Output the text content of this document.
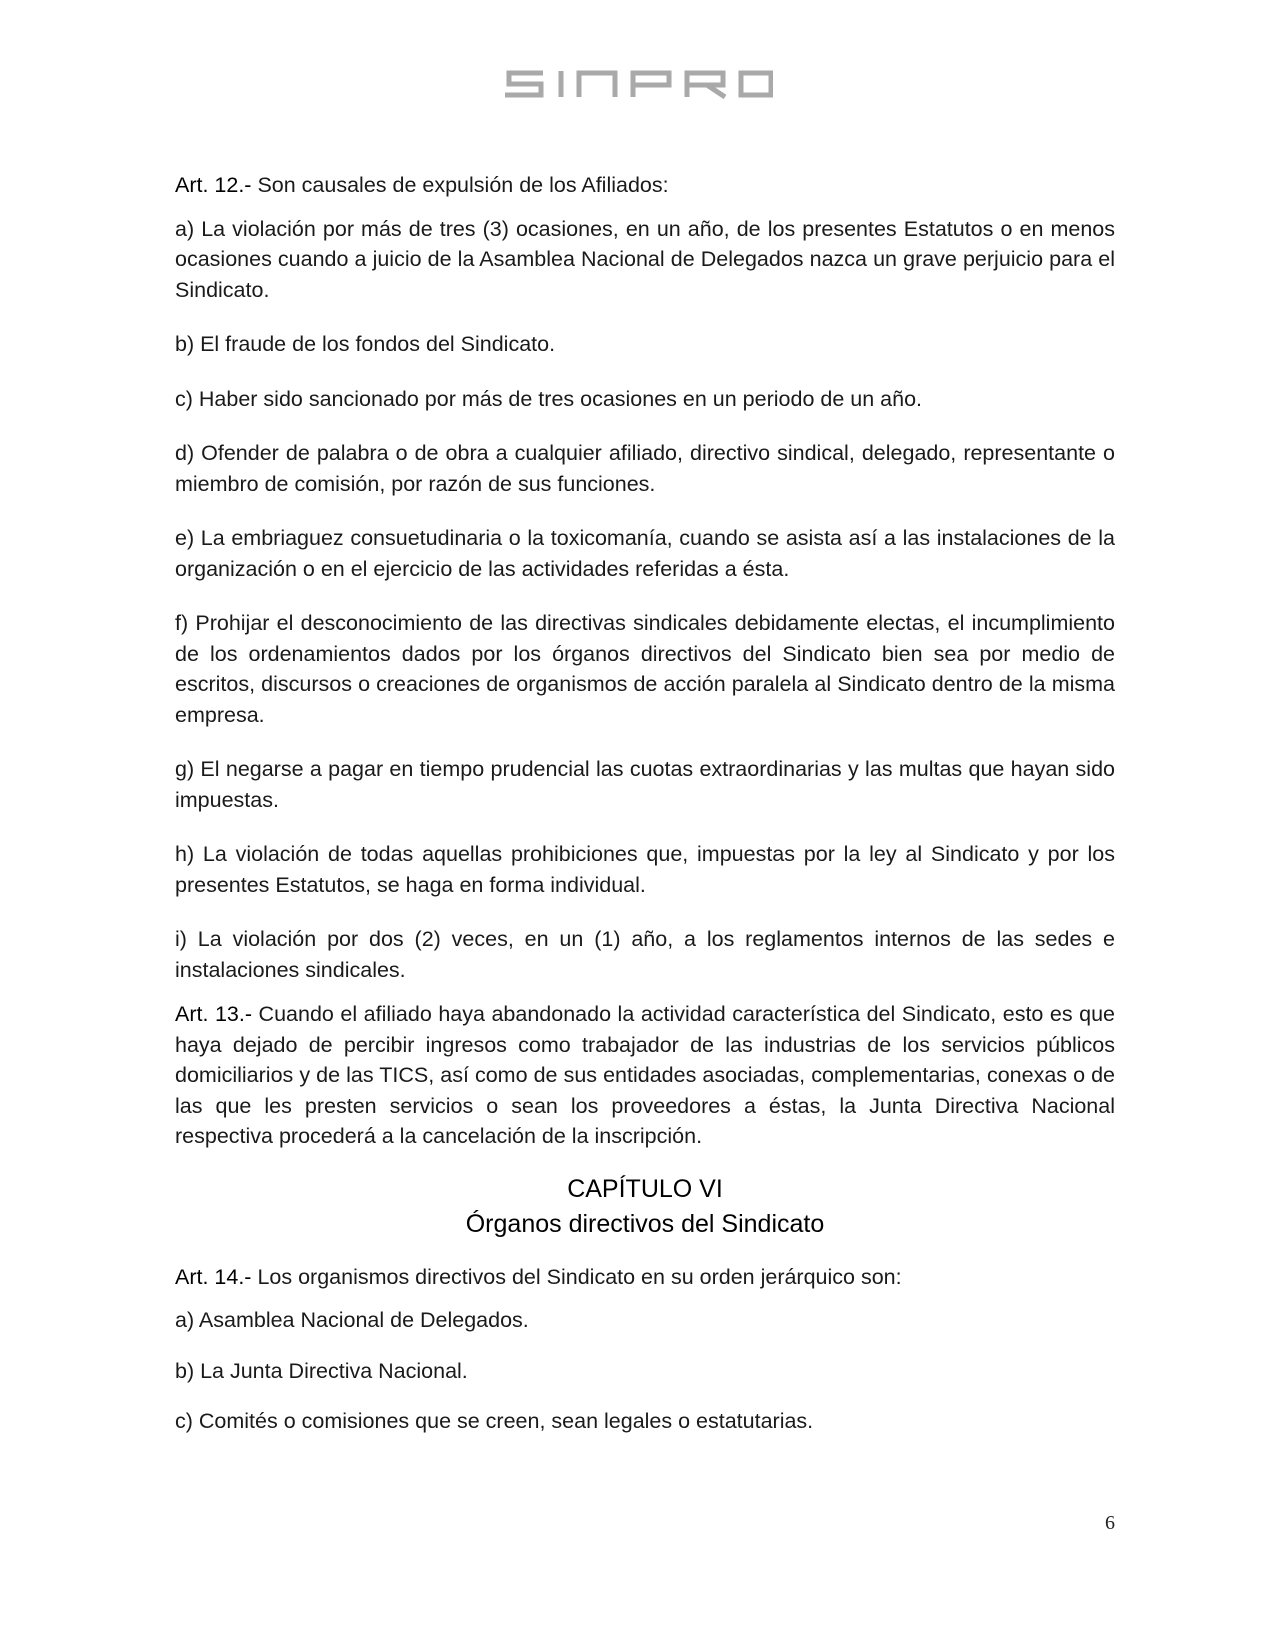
Art. 12.- Son causales de expulsión de los Afiliados:

a) La violación por más de tres (3) ocasiones, en un año, de los presentes Estatutos o en menos ocasiones cuando a juicio de la Asamblea Nacional de Delegados nazca un grave perjuicio para el Sindicato.

b) El fraude de los fondos del Sindicato.

c) Haber sido sancionado por más de tres ocasiones en un periodo de un año.

d) Ofender de palabra o de obra a cualquier afiliado, directivo sindical, delegado, representante o miembro de comisión, por razón de sus funciones.

e) La embriaguez consuetudinaria o la toxicomanía, cuando se asista así a las instalaciones de la organización o en el ejercicio de las actividades referidas a ésta.

f) Prohijar el desconocimiento de las directivas sindicales debidamente electas, el incumplimiento de los ordenamientos dados por los órganos directivos del Sindicato bien sea por medio de escritos, discursos o creaciones de organismos de acción paralela al Sindicato dentro de la misma empresa.

g) El negarse a pagar en tiempo prudencial las cuotas extraordinarias y las multas que hayan sido impuestas.

h) La violación de todas aquellas prohibiciones que, impuestas por la ley al Sindicato y por los presentes Estatutos, se haga en forma individual.

i) La violación por dos (2) veces, en un (1) año, a los reglamentos internos de las sedes e instalaciones sindicales.

Art. 13.- Cuando el afiliado haya abandonado la actividad característica del Sindicato, esto es que haya dejado de percibir ingresos como trabajador de las industrias de los servicios públicos domiciliarios y de las TICS, así como de sus entidades asociadas, complementarias, conexas o de las que les presten servicios o sean los proveedores a éstas, la Junta Directiva Nacional respectiva procederá a la cancelación de la inscripción.

CAPÍTULO VI
Órganos directivos del Sindicato

Art. 14.- Los organismos directivos del Sindicato en su orden jerárquico son:

a) Asamblea Nacional de Delegados.

b) La Junta Directiva Nacional.

c) Comités o comisiones que se creen, sean legales o estatutarias.

6
